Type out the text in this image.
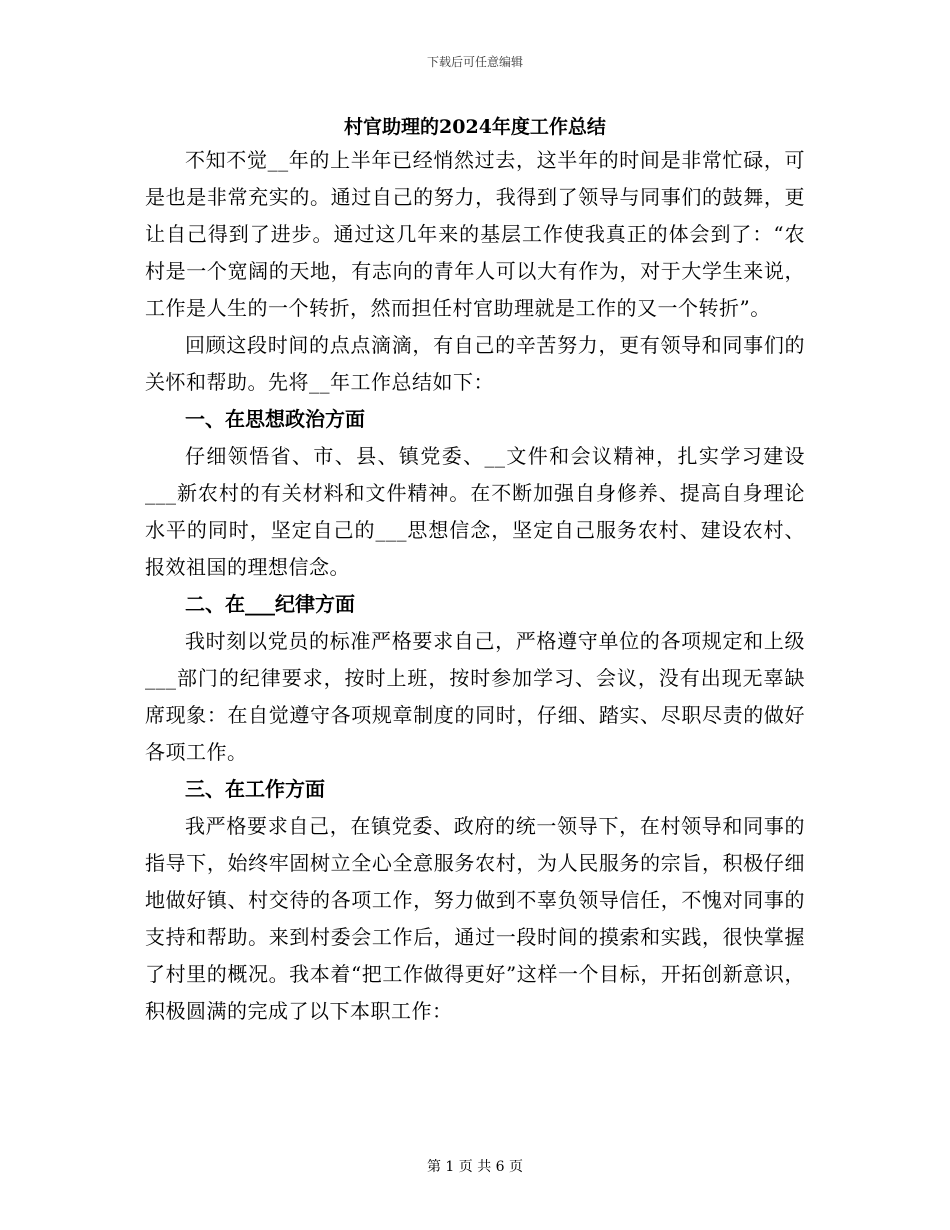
下载后可任意编辑
村官助理的2024年度工作总结

不知不觉__年的上半年已经悄然过去，这半年的时间是非常忙碌，可是也是非常充实的。通过自己的努力，我得到了领导与同事们的鼓舞，更让自己得到了进步。通过这几年来的基层工作使我真正的体会到了：“农村是一个宽阔的天地，有志向的青年人可以大有作为，对于大学生来说，工作是人生的一个转折，然而担任村官助理就是工作的又一个转折”。

回顾这段时间的点点滴滴，有自己的辛苦努力，更有领导和同事们的关怀和帮助。先将__年工作总结如下：

一、在思想政治方面

仔细领悟省、市、县、镇党委、__文件和会议精神，扎实学习建设___新农村的有关材料和文件精神。在不断加强自身修养、提高自身理论水平的同时，坚定自己的___思想信念，坚定自己服务农村、建设农村、报效祖国的理想信念。

二、在___纪律方面

我时刻以党员的标准严格要求自己，严格遵守单位的各项规定和上级___部门的纪律要求，按时上班，按时参加学习、会议，没有出现无辜缺席现象：在自觉遵守各项规章制度的同时，仔细、踏实、尽职尽责的做好各项工作。

三、在工作方面

我严格要求自己，在镇党委、政府的统一领导下，在村领导和同事的指导下，始终牢固树立全心全意服务农村，为人民服务的宗旨，积极仔细地做好镇、村交待的各项工作，努力做到不辜负领导信任，不愧对同事的支持和帮助。来到村委会工作后，通过一段时间的摸索和实践，很快掌握了村里的概况。我本着“把工作做得更好”这样一个目标，开拓创新意识，积极圆满的完成了以下本职工作：

第 1 页 共 6 页
